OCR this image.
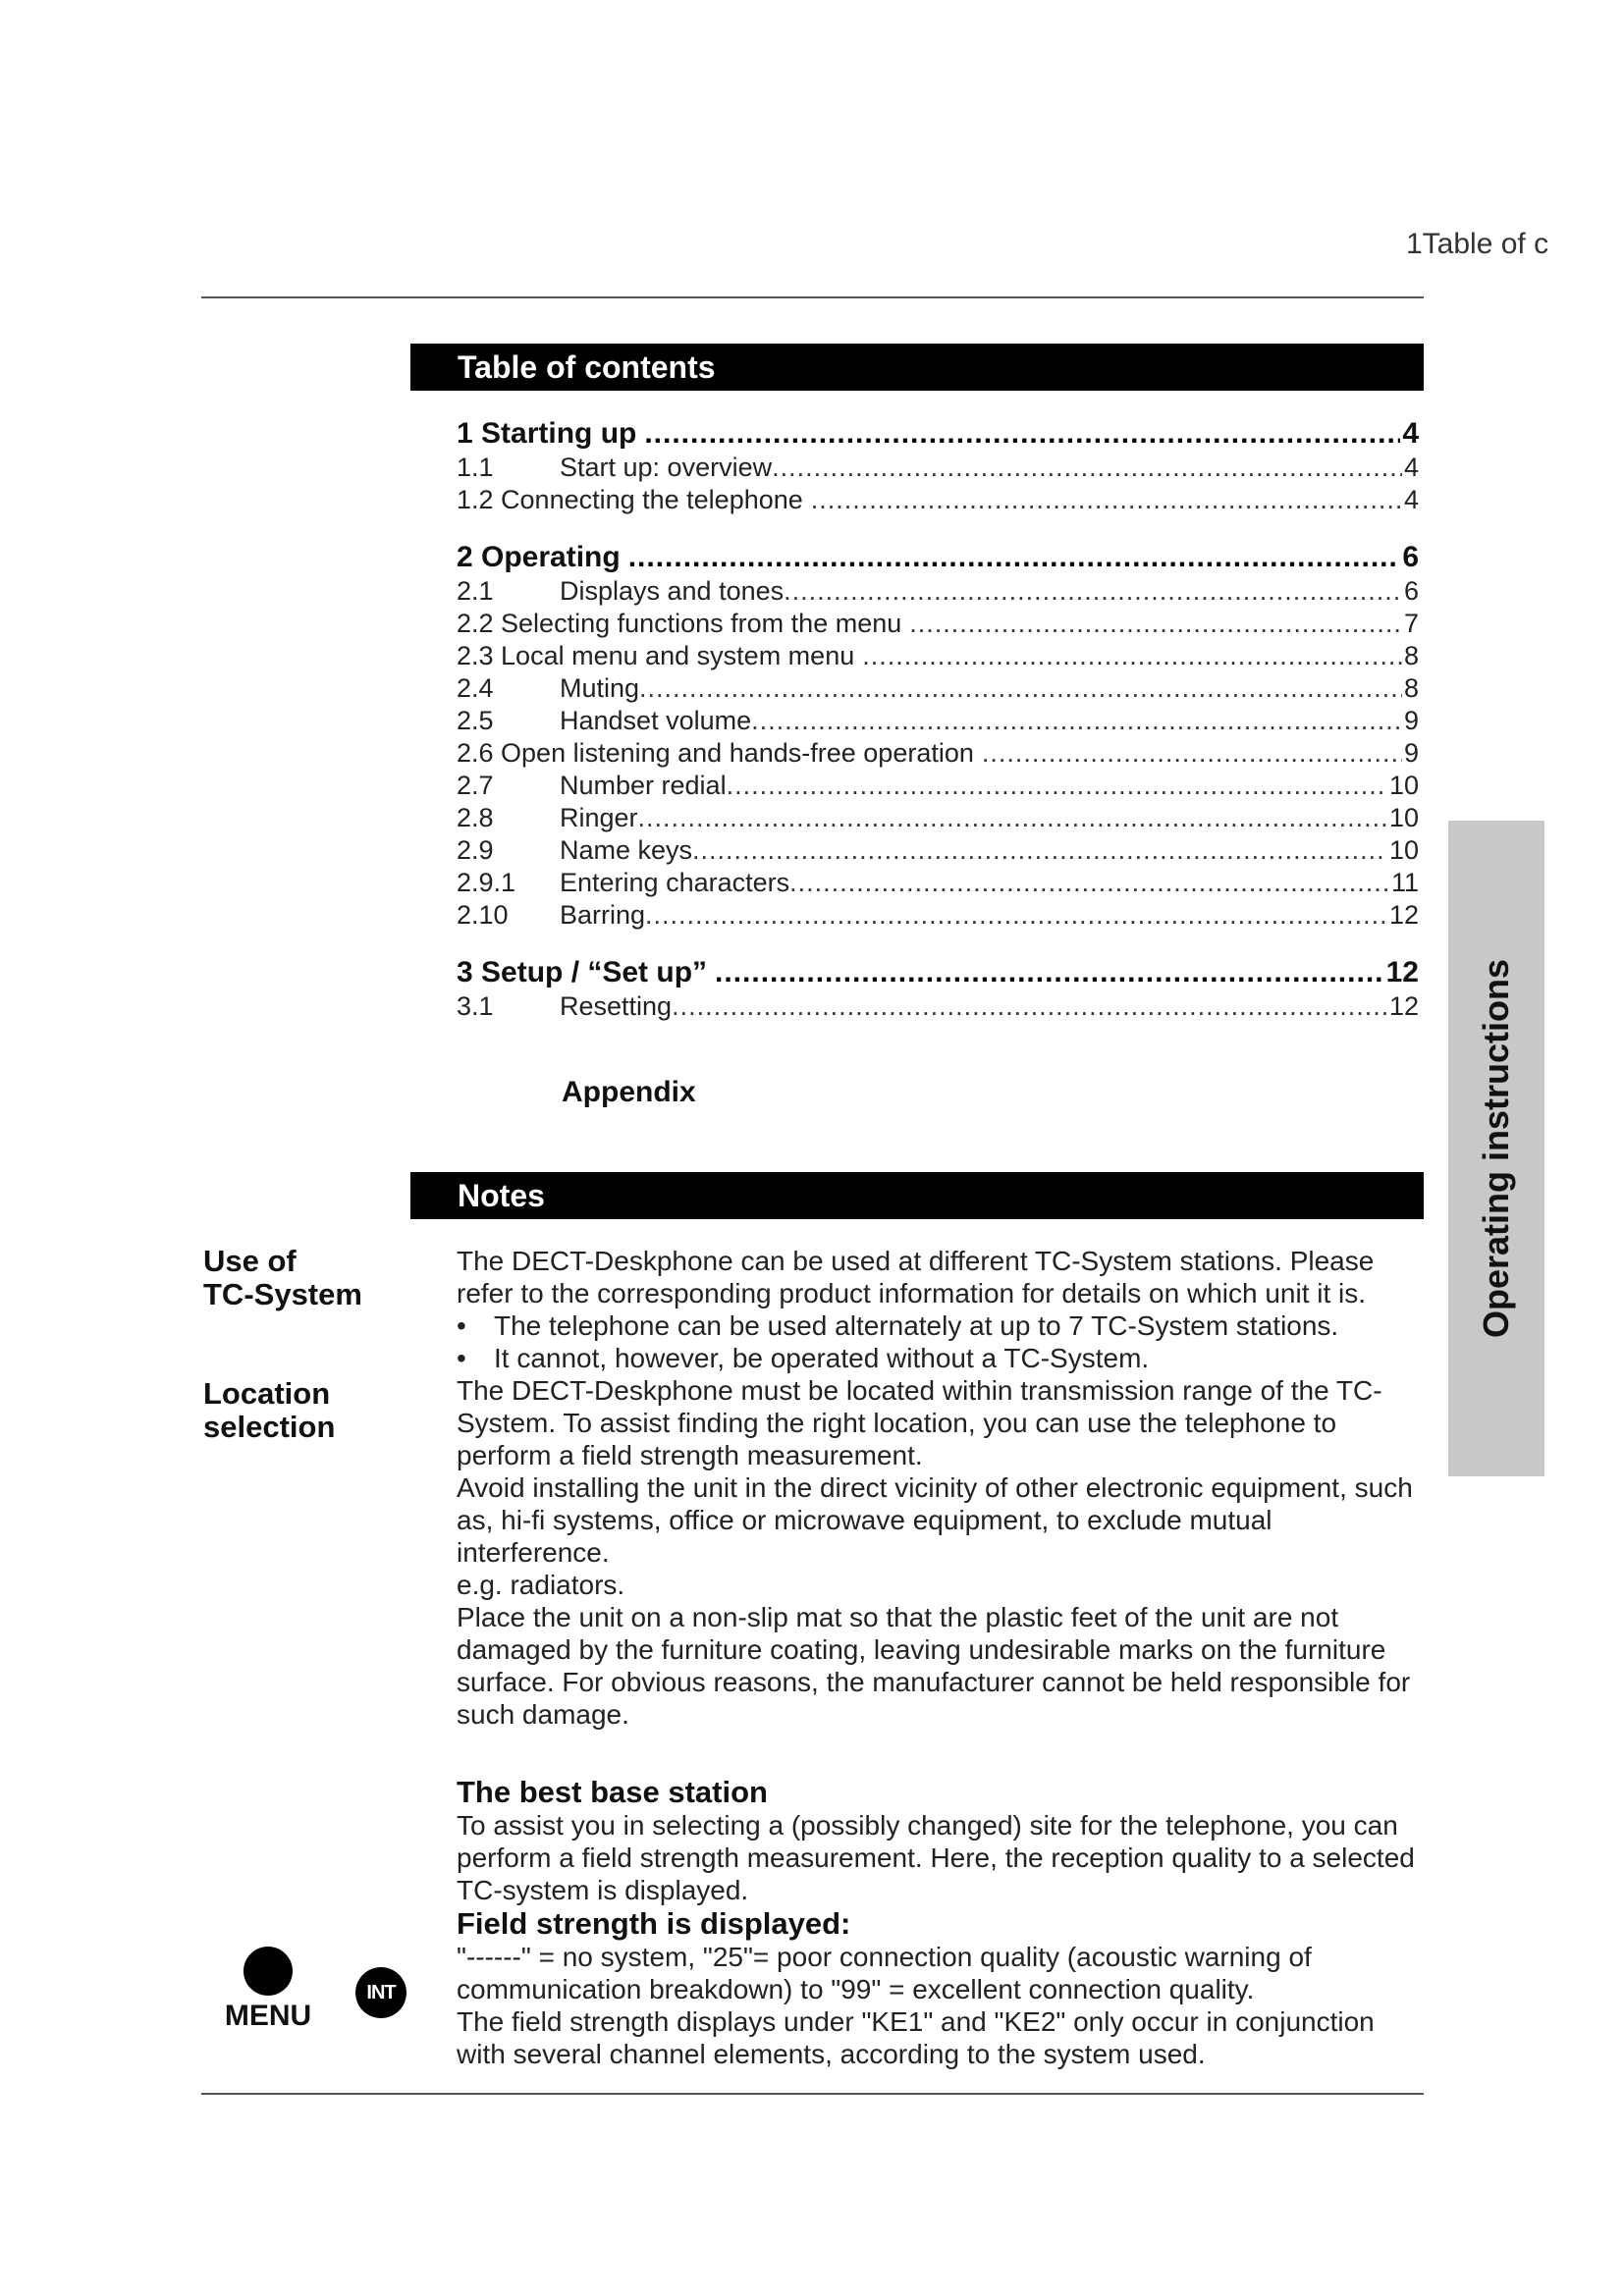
1Table of c
Table of contents
1 Starting up .....	4
1.1	Start up: overview .....	4
1.2 Connecting the telephone .....	4
2 Operating .....	6
2.1	Displays and tones .....	6
2.2 Selecting functions from the menu .....	7
2.3 Local menu and system menu .....	8
2.4	Muting .....	8
2.5	Handset volume .....	9
2.6 Open listening and hands-free operation .....	9
2.7	Number redial .....	10
2.8	Ringer .....	10
2.9	Name keys .....	10
2.9.1	Entering characters .....	11
2.10	Barring .....	12
3 Setup / “Set up” .....	12
3.1	Resetting .....	12
Appendix	Operating instructions
Notes
Use of
TC-System
Location
selection

The DECT-Deskphone can be used at different TC-System stations. Please refer to the corresponding product information for details on which unit it is.

• The telephone can be used alternately at up to 7 TC-System stations.

• It cannot, however, be operated without a TC-System.

The DECT-Deskphone must be located within transmission range of the TC-System. To assist finding the right location, you can use the telephone to perform a field strength measurement.

Avoid installing the unit in the direct vicinity of other electronic equipment, such as, hi-fi systems, office or microwave equipment, to exclude mutual interference.

e.g. radiators.

Place the unit on a non-slip mat so that the plastic feet of the unit are not damaged by the furniture coating, leaving undesirable marks on the furniture surface. For obvious reasons, the manufacturer cannot be held responsible for such damage.

The best base station

To assist you in selecting a (possibly changed) site for the telephone, you can perform a field strength measurement. Here, the reception quality to a selected TC-system is displayed.

Field strength is displayed:

"------" = no system, "25"= poor connection quality (acoustic warning of communication breakdown) to "99" = excellent connection quality.

The field strength displays under "KE1" and "KE2" only occur in conjunction with several channel elements, according to the system used.

MENU
INT
